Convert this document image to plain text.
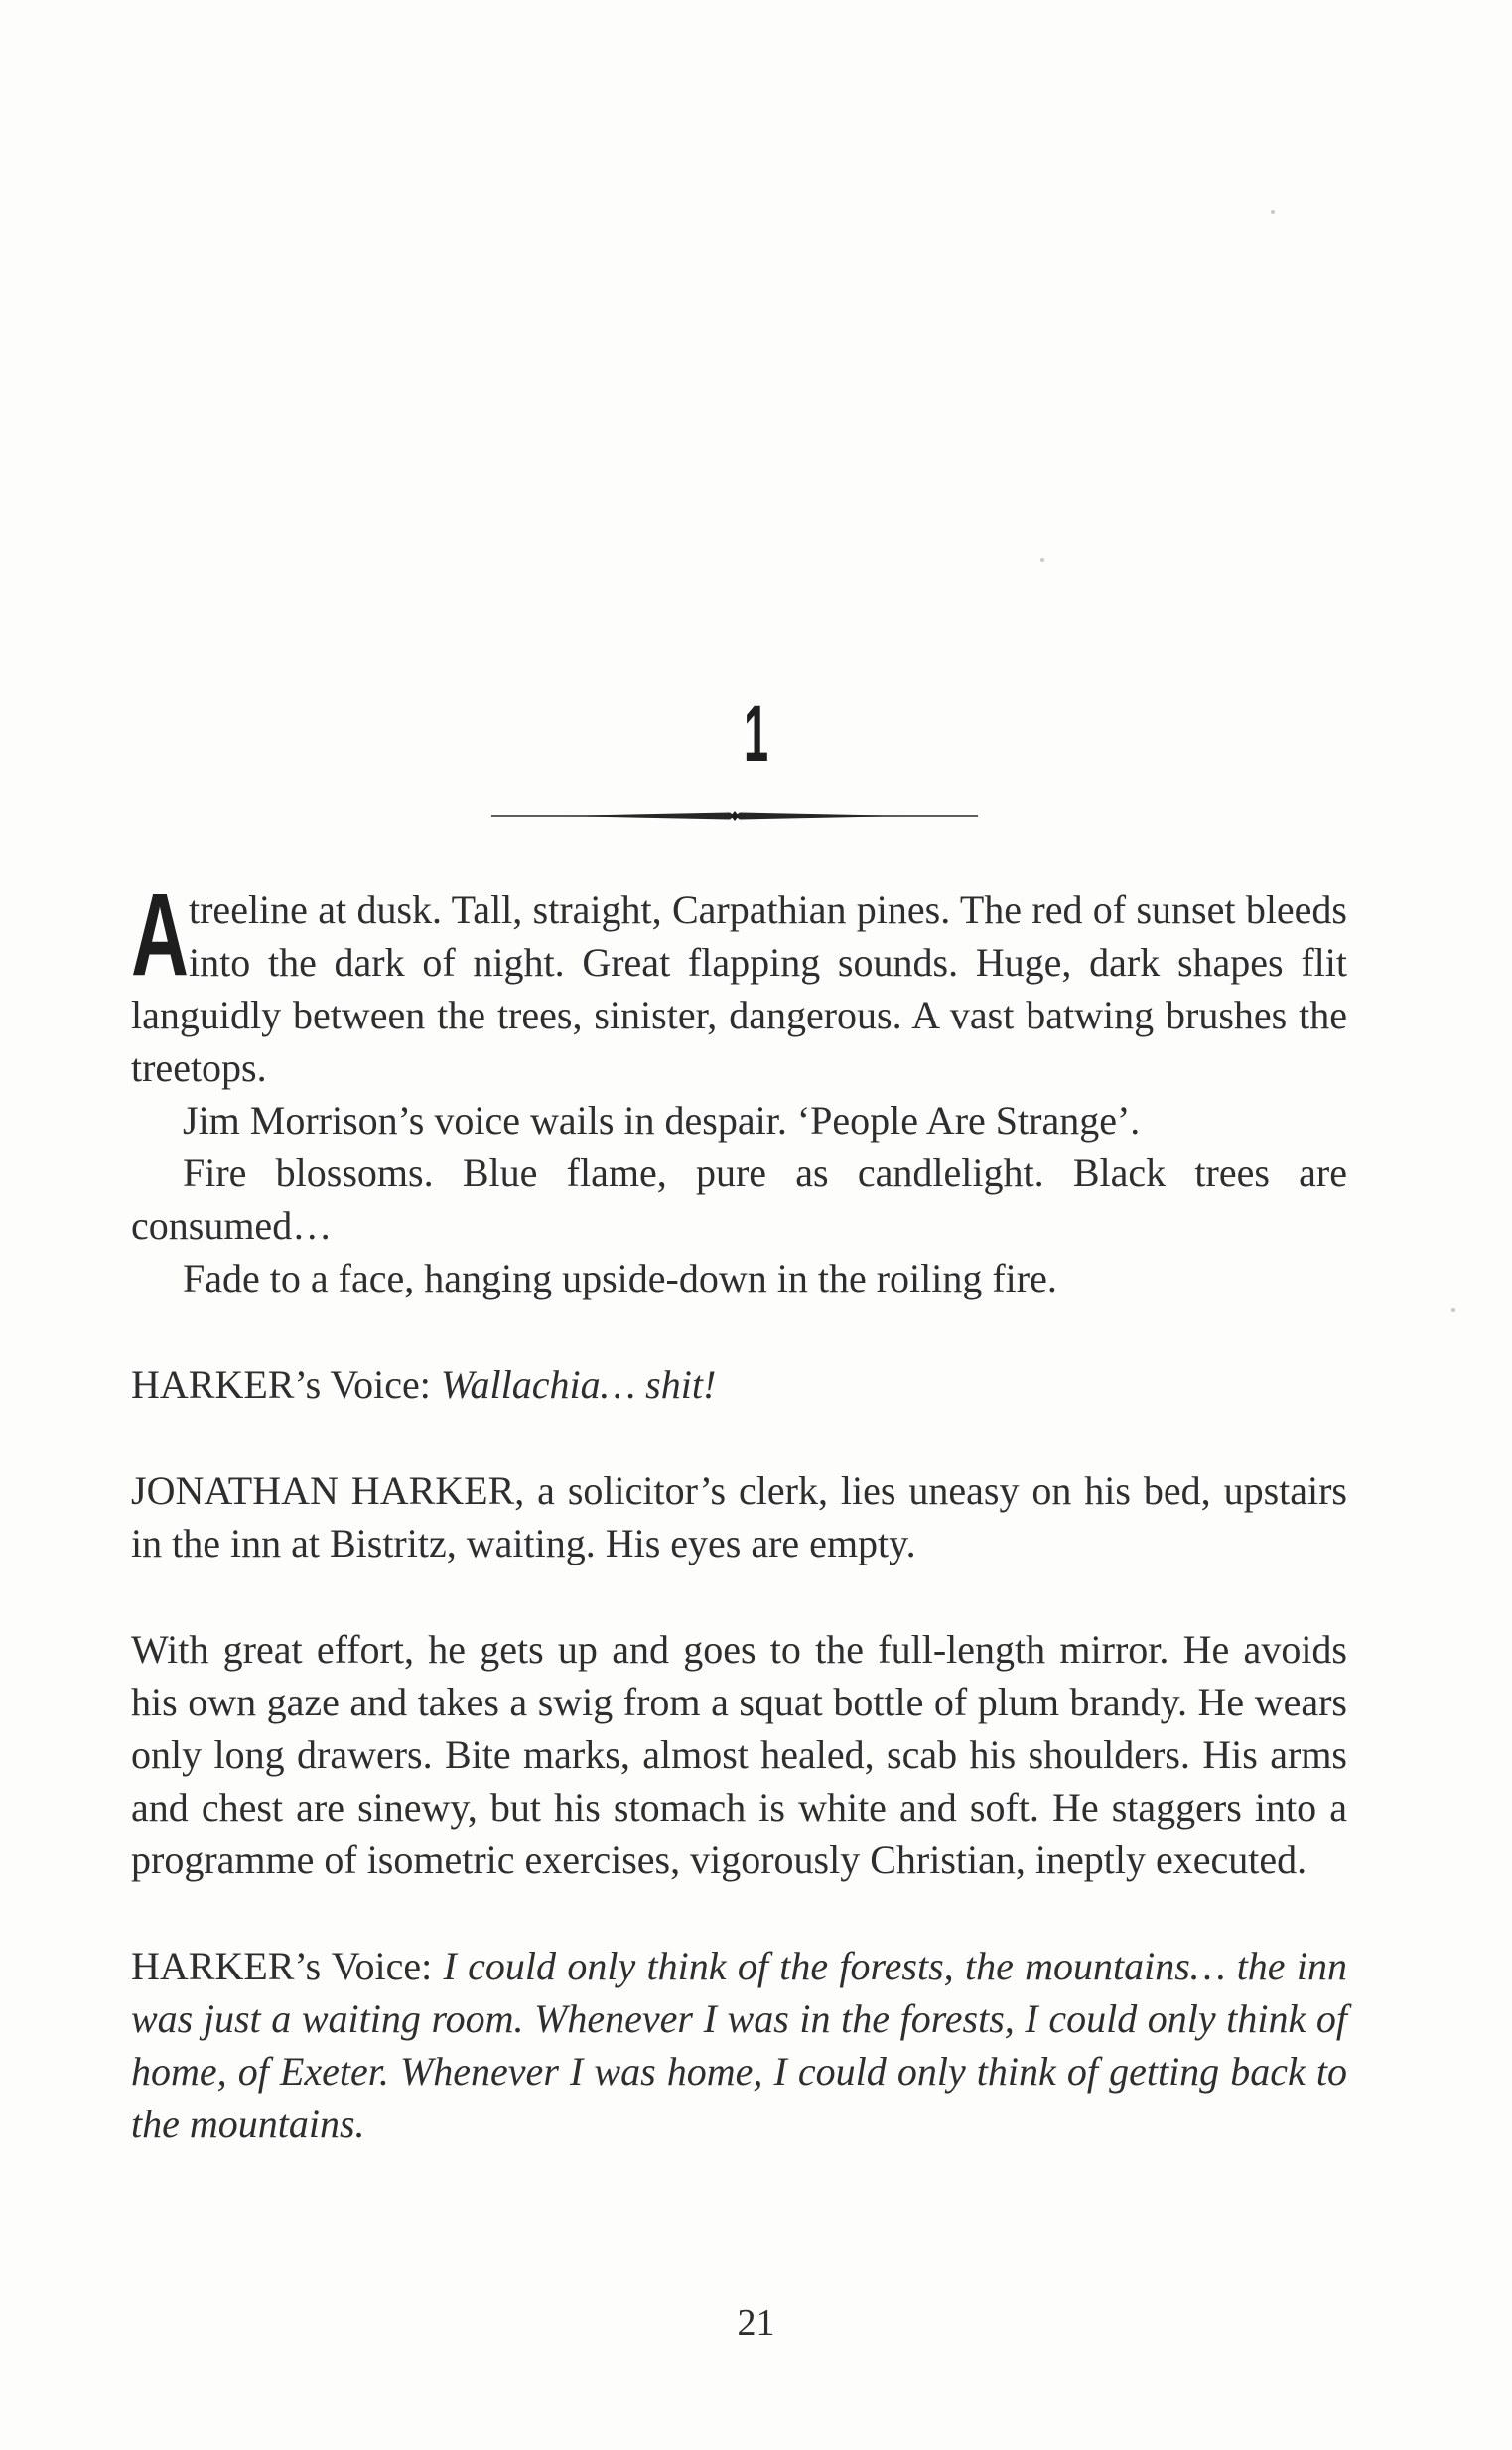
1

Atreeline at dusk. Tall, straight, Carpathian pines. The red of sunset bleeds into the dark of night. Great flapping sounds. Huge, dark shapes flit languidly between the trees, sinister, dangerous. A vast batwing brushes the treetops.

Jim Morrison’s voice wails in despair. ‘People Are Strange’.

Fire blossoms. Blue flame, pure as candlelight. Black trees are consumed…

Fade to a face, hanging upside-down in the roiling fire.

HARKER’s Voice: Wallachia… shit!

JONATHAN HARKER, a solicitor’s clerk, lies uneasy on his bed, upstairs in the inn at Bistritz, waiting. His eyes are empty.

With great effort, he gets up and goes to the full-length mirror. He avoids his own gaze and takes a swig from a squat bottle of plum brandy. He wears only long drawers. Bite marks, almost healed, scab his shoulders. His arms and chest are sinewy, but his stomach is white and soft. He staggers into a programme of isometric exercises, vigorously Christian, ineptly executed.

HARKER’s Voice: I could only think of the forests, the mountains… the inn was just a waiting room. Whenever I was in the forests, I could only think of home, of Exeter. Whenever I was home, I could only think of getting back to the mountains.

21
